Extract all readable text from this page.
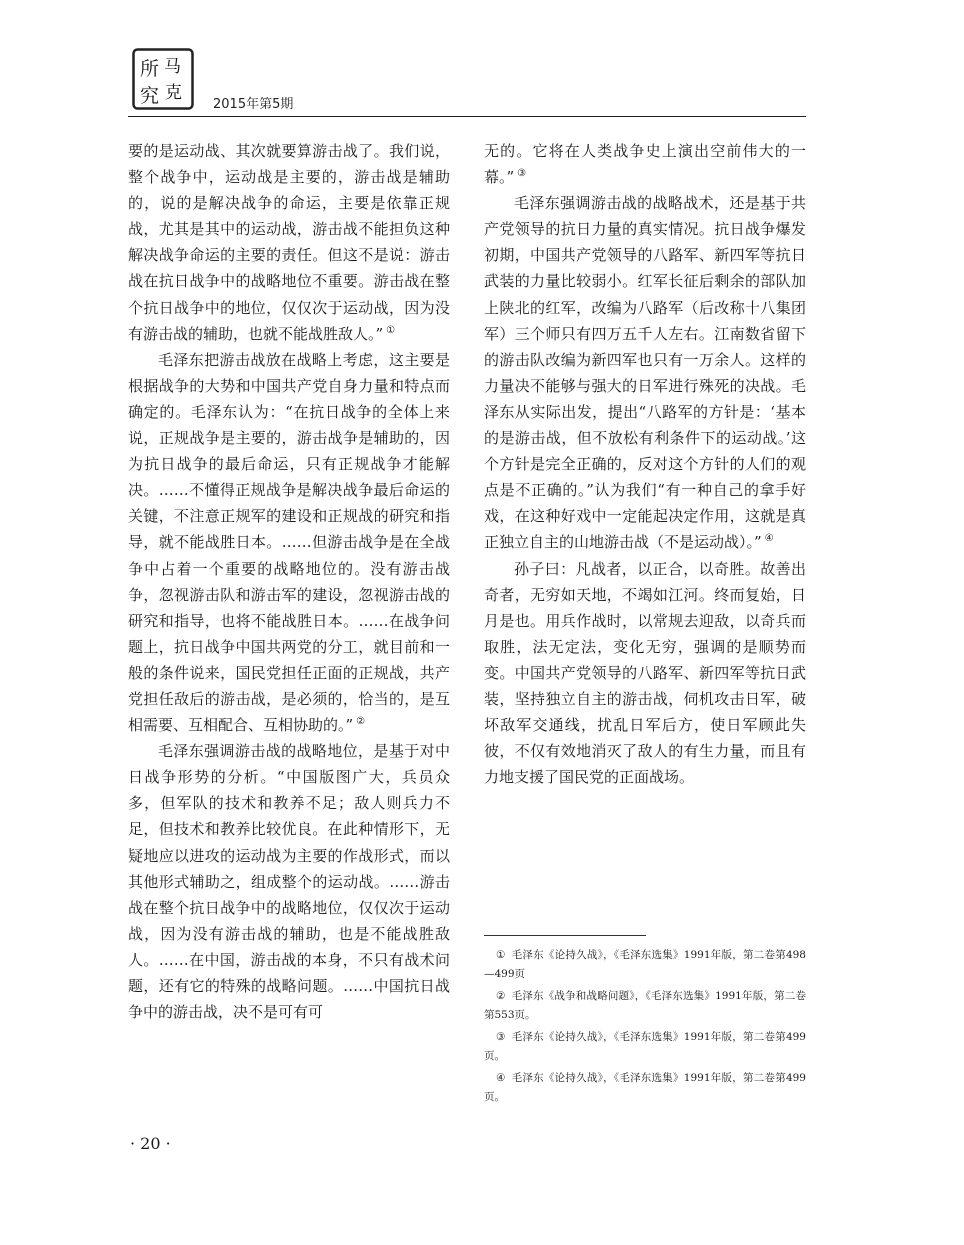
所 马
究 克
2015年第5期

要的是运动战、其次就要算游击战了。我们说，整个战争中，运动战是主要的，游击战是辅助的，说的是解决战争的命运，主要是依靠正规战，尤其是其中的运动战，游击战不能担负这种解决战争命运的主要的责任。但这不是说：游击战在抗日战争中的战略地位不重要。游击战在整个抗日战争中的地位，仅仅次于运动战，因为没有游击战的辅助，也就不能战胜敌人。” ①

毛泽东把游击战放在战略上考虑，这主要是根据战争的大势和中国共产党自身力量和特点而确定的。毛泽东认为：“在抗日战争的全体上来说，正规战争是主要的，游击战争是辅助的，因为抗日战争的最后命运，只有正规战争才能解决。……不懂得正规战争是解决战争最后命运的关键，不注意正规军的建设和正规战的研究和指导，就不能战胜日本。……但游击战争是在全战争中占着一个重要的战略地位的。没有游击战争，忽视游击队和游击军的建设，忽视游击战的研究和指导，也将不能战胜日本。……在战争问题上，抗日战争中国共两党的分工，就目前和一般的条件说来，国民党担任正面的正规战，共产党担任敌后的游击战，是必须的，恰当的，是互相需要、互相配合、互相协助的。” ②

毛泽东强调游击战的战略地位，是基于对中日战争形势的分析。“中国版图广大，兵员众多，但军队的技术和教养不足；敌人则兵力不足，但技术和教养比较优良。在此种情形下，无疑地应以进攻的运动战为主要的作战形式，而以其他形式辅助之，组成整个的运动战。……游击战在整个抗日战争中的战略地位，仅仅次于运动战，因为没有游击战的辅助，也是不能战胜敌人。……在中国，游击战的本身，不只有战术问题，还有它的特殊的战略问题。……中国抗日战争中的游击战，决不是可有可

无的。它将在人类战争史上演出空前伟大的一幕。” ③

毛泽东强调游击战的战略战术，还是基于共产党领导的抗日力量的真实情况。抗日战争爆发初期，中国共产党领导的八路军、新四军等抗日武装的力量比较弱小。红军长征后剩余的部队加上陕北的红军，改编为八路军（后改称十八集团军）三个师只有四万五千人左右。江南数省留下的游击队改编为新四军也只有一万余人。这样的力量决不能够与强大的日军进行殊死的决战。毛泽东从实际出发，提出“八路军的方针是：‘基本的是游击战，但不放松有利条件下的运动战。’这个方针是完全正确的，反对这个方针的人们的观点是不正确的。”认为我们“有一种自己的拿手好戏，在这种好戏中一定能起决定作用，这就是真正独立自主的山地游击战（不是运动战）。” ④

孙子曰：凡战者，以正合，以奇胜。故善出奇者，无穷如天地，不竭如江河。终而复始，日月是也。用兵作战时，以常规去迎敌，以奇兵而取胜，法无定法，变化无穷，强调的是顺势而变。中国共产党领导的八路军、新四军等抗日武装，坚持独立自主的游击战，伺机攻击日军，破坏敌军交通线，扰乱日军后方，使日军顾此失彼，不仅有效地消灭了敌人的有生力量，而且有力地支援了国民党的正面战场。

① 毛泽东《论持久战》，《毛泽东选集》1991年版，第二卷第498—499页

② 毛泽东《战争和战略问题》，《毛泽东选集》1991年版，第二卷第553页。

③ 毛泽东《论持久战》，《毛泽东选集》1991年版，第二卷第499页。

④ 毛泽东《论持久战》，《毛泽东选集》1991年版，第二卷第499页。

· 20 ·
